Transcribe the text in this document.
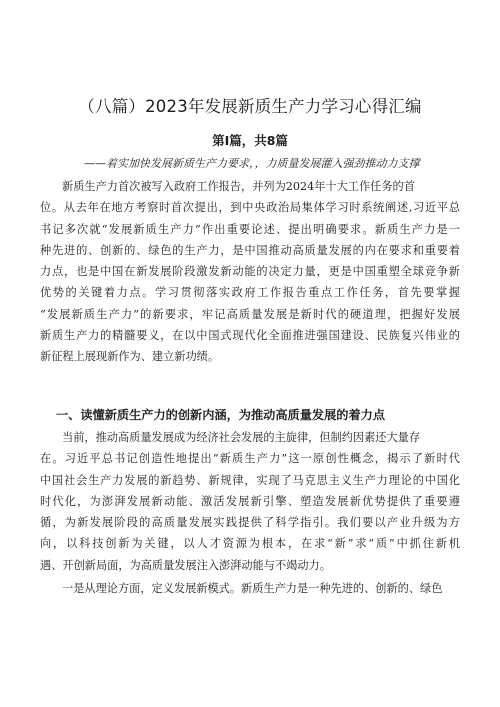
（八篇）2023年发展新质生产力学习心得汇编
第Ⅰ篇，共8篇
——着实加快发展新质生产力要求，，力质量发展灌入强劲推动力支撑
新质生产力首次被写入政府工作报告，并列为2024年十大工作任务的首
位。从去年在地方考察时首次提出，到中央政治局集体学习时系统阐述,习近平总
书记多次就“发展新质生产力”作出重要论述、提出明确要求。新质生产力是一
种先进的、创新的、绿色的生产力，是中国推动高质量发展的内在要求和重要着
力点，也是中国在新发展阶段激发新动能的决定力量，更是中国重塑全球竞争新
优势的关键着力点。学习贯彻落实政府工作报告重点工作任务，首先要掌握
“发展新质生产力”的新要求，牢记高质量发展是新时代的硬道理，把握好发展
新质生产力的精髓要义，在以中国式现代化全面推进强国建设、民族复兴伟业的
新征程上展现新作为、建立新功绩。
一、读懂新质生产力的创新内涵，为推动高质量发展的着力点
当前，推动高质量发展成为经济社会发展的主旋律，但制约因素还大量存
在。习近平总书记创造性地提出“新质生产力”这一原创性概念，揭示了新时代
中国社会生产力发展的新趋势、新规律，实现了马克思主义生产力理论的中国化
时代化，为澎湃发展新动能、激活发展新引擎、塑造发展新优势提供了重要遵
循，为新发展阶段的高质量发展实践提供了科学指引。我们要以产业升级为方
向，以科技创新为关键，以人才资源为根本，在求“新”求“质”中抓住新机
遇、开创新局面，为高质量发展注入澎湃动能与不竭动力。
一是从理论方面，定义发展新模式。新质生产力是一种先进的、创新的、绿色
